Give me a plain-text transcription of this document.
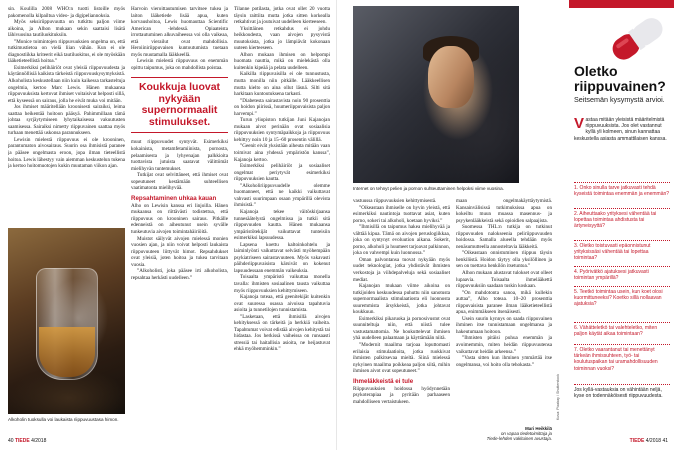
sin. Koulilla 2008 WHO:n tuotti listoille myös pakomenolla kilpailtua video- ja digipeliannoksia.

Myös seksiriippuvuutta on tutkittu paljon viime aikoina, ja Alhon mukaan sekin saattaisi lisätä lähivuosina tautiluokituksiin.

”Monice toimintojen riippuvuuksien ongelma on, että tutkimustietoa on vielä liian vähän. Kun ei ole diagnostiikka kriteerit eikä tautiluokitus, ei ole myöskään lääketieteellistä hoitoa.”

Esimerkiksi pelihäiriöt ovat yleisiä riippuvuudesta ja käytännöllisiä kaikista tärkeistä riippuvuuskysymyksistä. Alkoholista keskustellaan niin kuin kaikessa tarkasteltuja ongelmia, kertoo Marc Lewis. Hänen mukaansa riippuvuuksista kertovat ihmiset voitaisivat helposti sillä, että kyseessä on sairaus, jolla he eivät muka voi mitään.

Jos ihmiset määritellään kroonisesti sairaiksi, leima saattaa heikentää hoitoon pääsyä. Pahimmillaan tämä johtaa syrjäytymiseen lyhytaikaisessa vakuutusten saamisessa. Sairaiksi nimetty riippuvainen saattaa myös turhaan menettää uskonsa parannukseen.

Lewisin mielestä riippuvuus ei ole krooninen, parantumaton aivosairaus. Suurin osa ihmisistä paranee ja pääsee ongelmasta eroon, jopa ilman tieteellistä hoitoa. Lewis lähestyy vain aiemman keskustelun tukena ja kertoo hoitomuotojen kukin muutaman viikon ajan.

Alkoholin tuoksulla voi laukaista riippuvuustasa himon.

Harvoin vieroittautumisen tarvitsee tukea ja laiton lääketiede lisää apua, kuten korvaushoitoa, Lewis huomauttaa Scientific American -lehdessä. Opiaateista irrottautuminen alkuvaiheessa voi olla vaikeaa, että vierailut ovat mahdollisia. Heroiiniriippuvaisen kuntoutumista tuetaan myös muutamalla lääkkeellä.

Lewisin mielestä riippuvuus on enemmän opittu taipumus, joka on mahdollista poistaa.

Koukkuja luovat nykyään supernormaalit stimulukset.

muut riippuvuudet syntyvät. Esimerkiksi kokainista, metamfetamiinista, pornosta, pelaamisesta ja lyhyenajan palkkioita tuottavista jutuista saatavat välittömät mielihyvän tuntemukset.

Tutkijat ovat selvittäneet, että ihmiset ovat sopeutuneet kestämään suhteellisen vaatimatonta mielihyvää.

Repsahtaminen uhkaa kauan

Alho on Lewisin kanssa eri linjoilla. Hänen mukaansa on riittävästi todistettua, että riippuvuus on krooninen sairaus. Pitkälle edenneistä on aiheutunut usein syvälle tunkeutuvia aivojen toimintahäiriöitä.

Muistot säilyvät aivojen mielessä monien vuosien ajan, ja niin voivat helposti laukaista riippuvuuteen liittyvät himot. Repsahdukset ovat yleisiä, joten hoitoa ja tukea tarvitaan vuosia.

”Alkoholisti, joka pääsee irti alkoholista, repsahtaa herkästi uudelleen.”

Tilanne potilasta, jotka ovat ollet 20 vuotta täysin raittiita mutta jotka sitten korkealla retkahtivat ja joutuivat uudelleen kierteeseen.

Yksittäinen retkahdus ei johdu heikkoudesta, vaan aivojen pysyvistä muutoksista, jotka jo lämpiävät kokonaan uuteen kierteeseen.

Alhon mukaan ihmisen on helpompi huomata nauttia, mikä on mielekästä olla kuitenkin kipeää ja pelata uudelleen.

Kaikilla riippuvaisilla ei ole tunnustusta, mutta monilla niin pitkälle. Lääkkeellisen mutta kielto on aina ollut läsnä. Silti sitä harkitaan kuntoutuksena tarkasti.

”Diabetesta sairastavista noin 90 prosenttia on hoidon piirissä, huumeriippuvaisista paljon harvempi.”

Turun yliopiston tutkijan Juni Kajanojan mukaan aivot perinään ovat sosiaalisia riippuvuuksien syntymäpaikkoja ja riippuvuus kehittyy noin 10 ja 15–60 prosentin välillä.

”Geenit eivät yksistään aiheuta mitään vaan toimivat aina yhdessä ympäristön kanssa”, Kajanoja kertoo.

Esimerkiksi pelihäiriöt ja sosiaaliset ongelmat periytyvät esimerkiksi riippuvuuksien kautta.

”Alkoholiriippuvuudelle olemme huomanneet, että ne kaikki vaikuttavat vahvasti suurimpaan osaan ympärillä olevista ihmisistä.”

Kajanoja tekee väitöskirjaansa tunnesäätelystä ongelmissa ja tutkii sitä riippuvuuden kautta. Hänen mukaansa ympäristötekijät vaikuttavat tunteisiin esimerkiksi lapsuudessa.

Lapsena koettu kaltoinkohtelu ja laiminlyönti vaikuttavat selvästi myöhempään psykiatriseen sairastavuuteen. Myös vakavasti päihderiippuvaisista kärsivät on kokenut lapsuudessaan enemmän vaikeuksia.

Toisaalta ympäristö vaikuttaa monella tavalla: ihmisten sosiaalinen tausta vaikuttaa myös riippuvuuksien kehittymiseen.

Kajanoja toteaa, että geenitekijät kuitenkin ovat suuressa osassa aivoissa tapahtuvia asioita ja tunnetilojen tunnistamista.

”Lasketaan, että ihmisillä aivojen kehityksessä on tärkeitä ja herkkiä vaiheita. Tapahtumat voivat edistää aivojen kehitystä tai hidastaa. Jos herkissä vaiheissa on runsaasti stressiä tai haitallisia asioita, ne heijastuvat ehkä myöhemminkin.”

40 TIEDE 4/2018
Internet on tehnyt pelien ja pornon suhteuttaminen helpoksi viime vuosina.

vastuussa riippuvuuksien kehittymisestä.

”Oikeastaan ihmiselle on hyvin yleistä, että esimerkiksi nautintoja tuottavat asiat, kuten porno, sokeri tai alkoholi, koetaan hyviksi.”

”Ihmisillä on taipumus hakea mielihyvää ja välttää kipua. Tämä on aivojen peruslogiikkaa, joka on syntynyt evoluution aikana. Sokerit, porno, alkoholi ja huumeet tarjoavat palkinnon, joka on vahvempi kuin luonnossa.”

Oman palvontansa tuovat nykyään myös uudet teknologiat, jotka yhdistävät ihmisten verkostoja ja viihdepalveluja sekä sosiaaliset mediat.

Kajanojan mukaan viime aikoina on tutkijoiden keskuudessa puhuttu niin sanotusta supernormaalista stimulaatiosta eli luonnosta suuremmista ärsykkeistä, jotka johtavat koukkuun.

Esimerkiksi pikaruoka ja pornosivustot ovat suunniteltuja niin, että niistä tulee vastustamattomia. Ne houkuttelevat ihmisen yhä uudelleen palaamaan ja käyttämään niitä.

”Modernit maailma tarjoaa loputtomasti erilaisia stimulaatioita, jotka ruokkivat ihmisten palkitsevaa mieltä. Siinä mielessä nykyinen maailma poikkeaa paljon siitä, mihin ihmisen aivot ovat sopeutuneet.”

Ihmeläkkeistä ei tule

Riippuvuuksien hoidossa hyödynnetään psykoterapiaa ja pyritään parhaaseen mahdolliseen vertaistukeen.

maan ongelmakäyttäytymistä. Kansainvälisissä tutkimuksissa apua on kokeiltu muun muassa masennus- ja psyykenlääkkeistä sekä opioidien salpaajista.

Suomessa THL:n tutkija on tutkinut riippuvuuden nalokseenia peliriippuvuuden hoidossa. Samalla alueella tehdään myös nenäsumutteella annosteltavia lääkkeitä.

”Oikeastaan onnistuminen riippuu täysin henkilöstä. Hoidon täytyy olla yksilöllinen ja sen on tuettava henkilön itsetuntoa.”

Alhon mukaan alustavat tulokset ovat olleet lupaavia. Toisaalta ihmelääkettä riippuvuuksiin saadaan tuskin koskaan.

”On mahdotonta sanoa, mikä kullekin auttaa”, Alho toteaa. 10–20 prosenttia riippuvaisista paranee ilman lääketieteellistä apua, enimmäkseen itsenäisesti.

Usein suurin kynnys on saada riippuvainen ihminen itse tunnistamaan ongelmansa ja hakeutumaan hoitoon.

”Ihmisten pitäisi puhua enemmän ja avoimemmin, miten heidän riippuvuutensa vaikuttavat heidän arkeensa.”

”Vasta sitten kun ihminen ymmärtää itse ongelmansa, voi hoito olla tehokasta.”

Mari Heikkilä
on vapaa tiedetoimittaja ja
Tiede-lehden vakituinen avustaja.
Kuva: Pixabay / Shutterstock
Oletko riippuvainen?
Seitsemän kysymystä arvioi.
Vastaa mitään yleisistä määritelmistä riippuvuuksista. Jos olet vastannut kyllä yli kolmeen, sinun kannattaa keskustella asiasta ammattilaisen kanssa.
1. Onko sinulla tarve jatkuvasti tehdä kyseistä toimintaa enemmän ja enemmän?
2. Aiheuttaako yrityksesi vähentää tai lopettaa toimintaa ahdistusta tai ärtyneisyyttä?
3. Oletko toistuvasti epäonnistunut yrityksissäsi vähentää tai lopettaa toimintaa?
4. Pyörivätkö ajatuksesi jatkuvasti toimintan ympärillä?
5. Teetkö toimintaa usein, kun koet olosi kuormittuneeksi? Koetko sillä nollaavan ajatuksia?
6. Vähätteletkö tai valehteletko, miten paljon käytät aikaa toimintaan?
7. Oletko vaarantanut tai menettänyt tärkeän ihmissuhteen, työ- tai koulutuspaikan tai uramahdollisuuden toiminnan vuoksi?
Jos kyllä-vastauksia on vähintään neljä, kyse on todennäköisesti riippuvuudesta.
TIEDE 4/2018 41
